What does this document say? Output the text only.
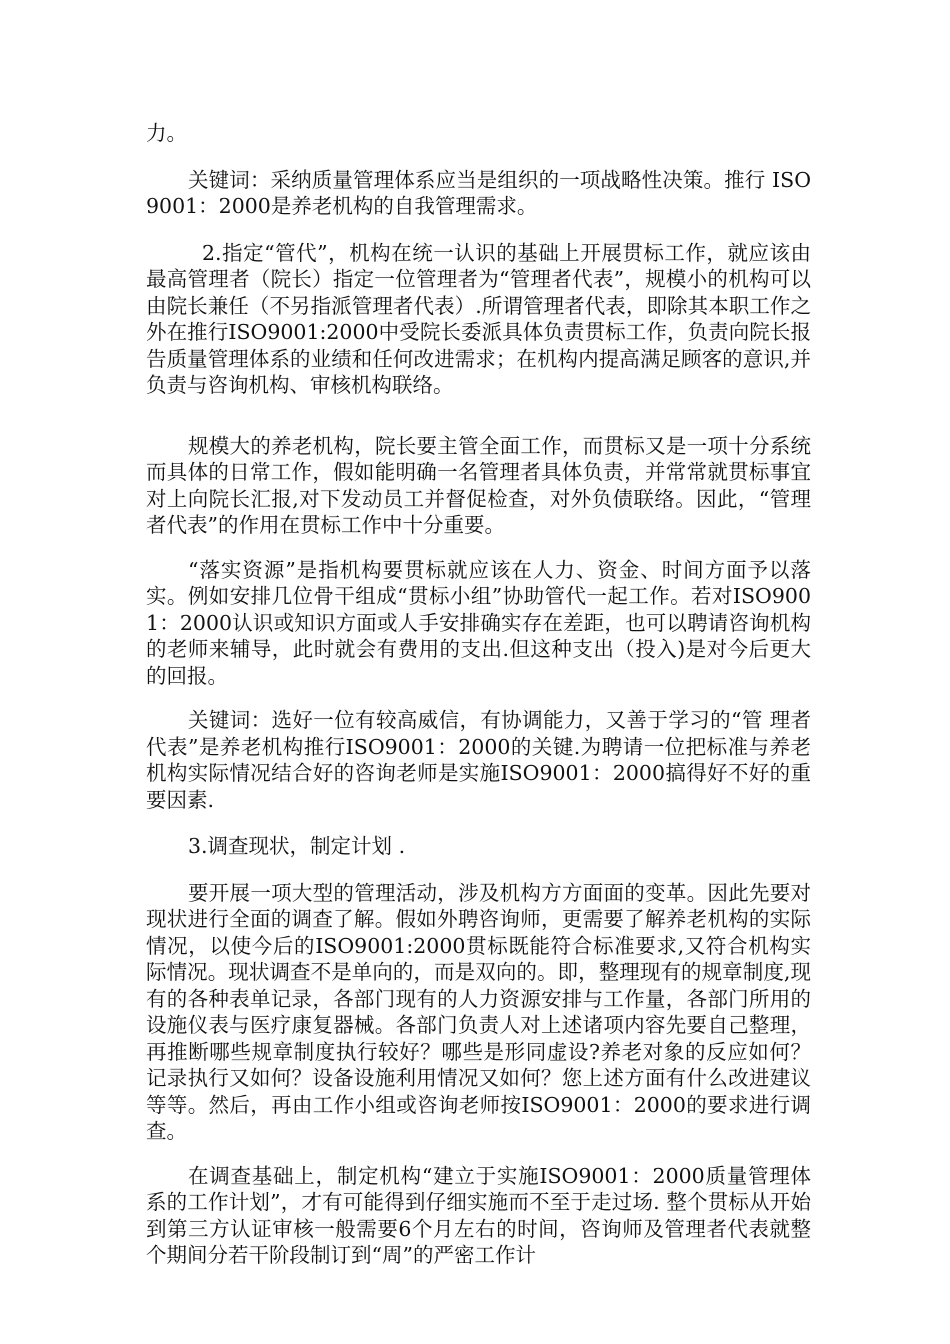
力。

关键词：采纳质量管理体系应当是组织的一项战略性决策。推行 ISO9001：2000是养老机构的自我管理需求。

2.指定“管代”，机构在统一认识的基础上开展贯标工作，就应该由最高管理者（院长）指定一位管理者为“管理者代表”，规模小的机构可以由院长兼任（不另指派管理者代表）.所谓管理者代表，即除其本职工作之外在推行ISO9001:2000中受院长委派具体负责贯标工作，负责向院长报告质量管理体系的业绩和任何改进需求；在机构内提高满足顾客的意识,并负责与咨询机构、审核机构联络。

规模大的养老机构，院长要主管全面工作，而贯标又是一项十分系统而具体的日常工作，假如能明确一名管理者具体负责，并常常就贯标事宜对上向院长汇报,对下发动员工并督促检查，对外负债联络。因此，“管理者代表”的作用在贯标工作中十分重要。

“落实资源”是指机构要贯标就应该在人力、资金、时间方面予以落实。例如安排几位骨干组成“贯标小组”协助管代一起工作。若对ISO9001：2000认识或知识方面或人手安排确实存在差距，也可以聘请咨询机构的老师来辅导，此时就会有费用的支出.但这种支出（投入)是对今后更大的回报。

关键词：选好一位有较高威信，有协调能力，又善于学习的“管 理者代表”是养老机构推行ISO9001：2000的关键.为聘请一位把标准与养老机构实际情况结合好的咨询老师是实施ISO9001：2000搞得好不好的重要因素.

3.调查现状，制定计划 .

要开展一项大型的管理活动，涉及机构方方面面的变革。因此先要对现状进行全面的调查了解。假如外聘咨询师，更需要了解养老机构的实际情况，以使今后的ISO9001:2000贯标既能符合标准要求,又符合机构实际情况。现状调查不是单向的，而是双向的。即，整理现有的规章制度,现有的各种表单记录，各部门现有的人力资源安排与工作量，各部门所用的设施仪表与医疗康复器械。各部门负责人对上述诸项内容先要自己整理，再推断哪些规章制度执行较好？哪些是形同虚设?养老对象的反应如何？记录执行又如何？设备设施利用情况又如何？您上述方面有什么改进建议等等。然后，再由工作小组或咨询老师按ISO9001：2000的要求进行调查。

在调查基础上，制定机构“建立于实施ISO9001：2000质量管理体系的工作计划”，才有可能得到仔细实施而不至于走过场. 整个贯标从开始到第三方认证审核一般需要6个月左右的时间，咨询师及管理者代表就整个期间分若干阶段制订到“周”的严密工作计
